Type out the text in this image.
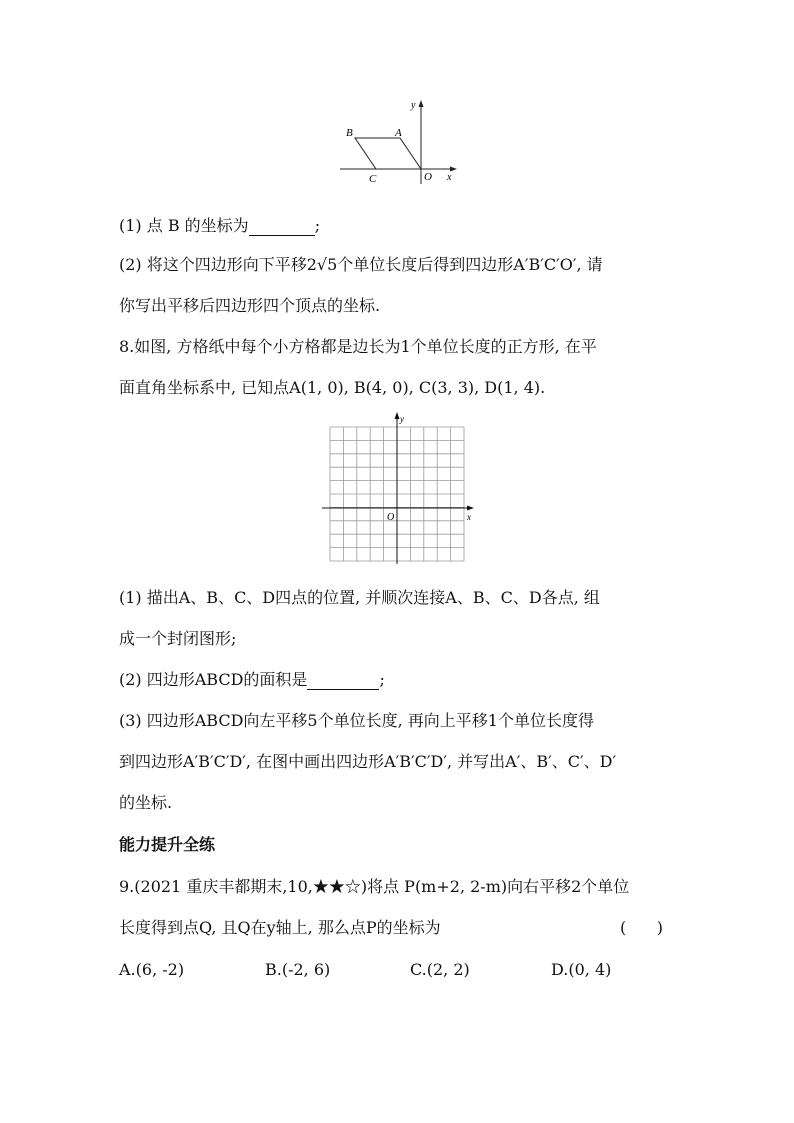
B	A
C	O x
y
(1) 点 B 的坐标为	;
(2) 将这个四边形向下平移2√5个单位长度后得到四边形A′B′C′O′, 请
你写出平移后四边形四个顶点的坐标.
8.如图, 方格纸中每个小方格都是边长为1个单位长度的正方形, 在平
面直角坐标系中, 已知点A(1, 0), B(4, 0), C(3, 3), D(1, 4).
O	x
y
(1) 描出A、B、C、D四点的位置, 并顺次连接A、B、C、D各点, 组
成一个封闭图形;
(2) 四边形ABCD的面积是	;
(3) 四边形ABCD向左平移5个单位长度, 再向上平移1个单位长度得
到四边形A′B′C′D′, 在图中画出四边形A′B′C′D′, 并写出A′、B′、C′、D′
的坐标.
能力提升全练
9.(2021 重庆丰都期末,10,★★☆)将点 P(m+2, 2-m)向右平移2个单位
长度得到点Q, 且Q在y轴上, 那么点P的坐标为	(      )
A.(6, -2)	B.(-2, 6)	C.(2, 2)	D.(0, 4)
